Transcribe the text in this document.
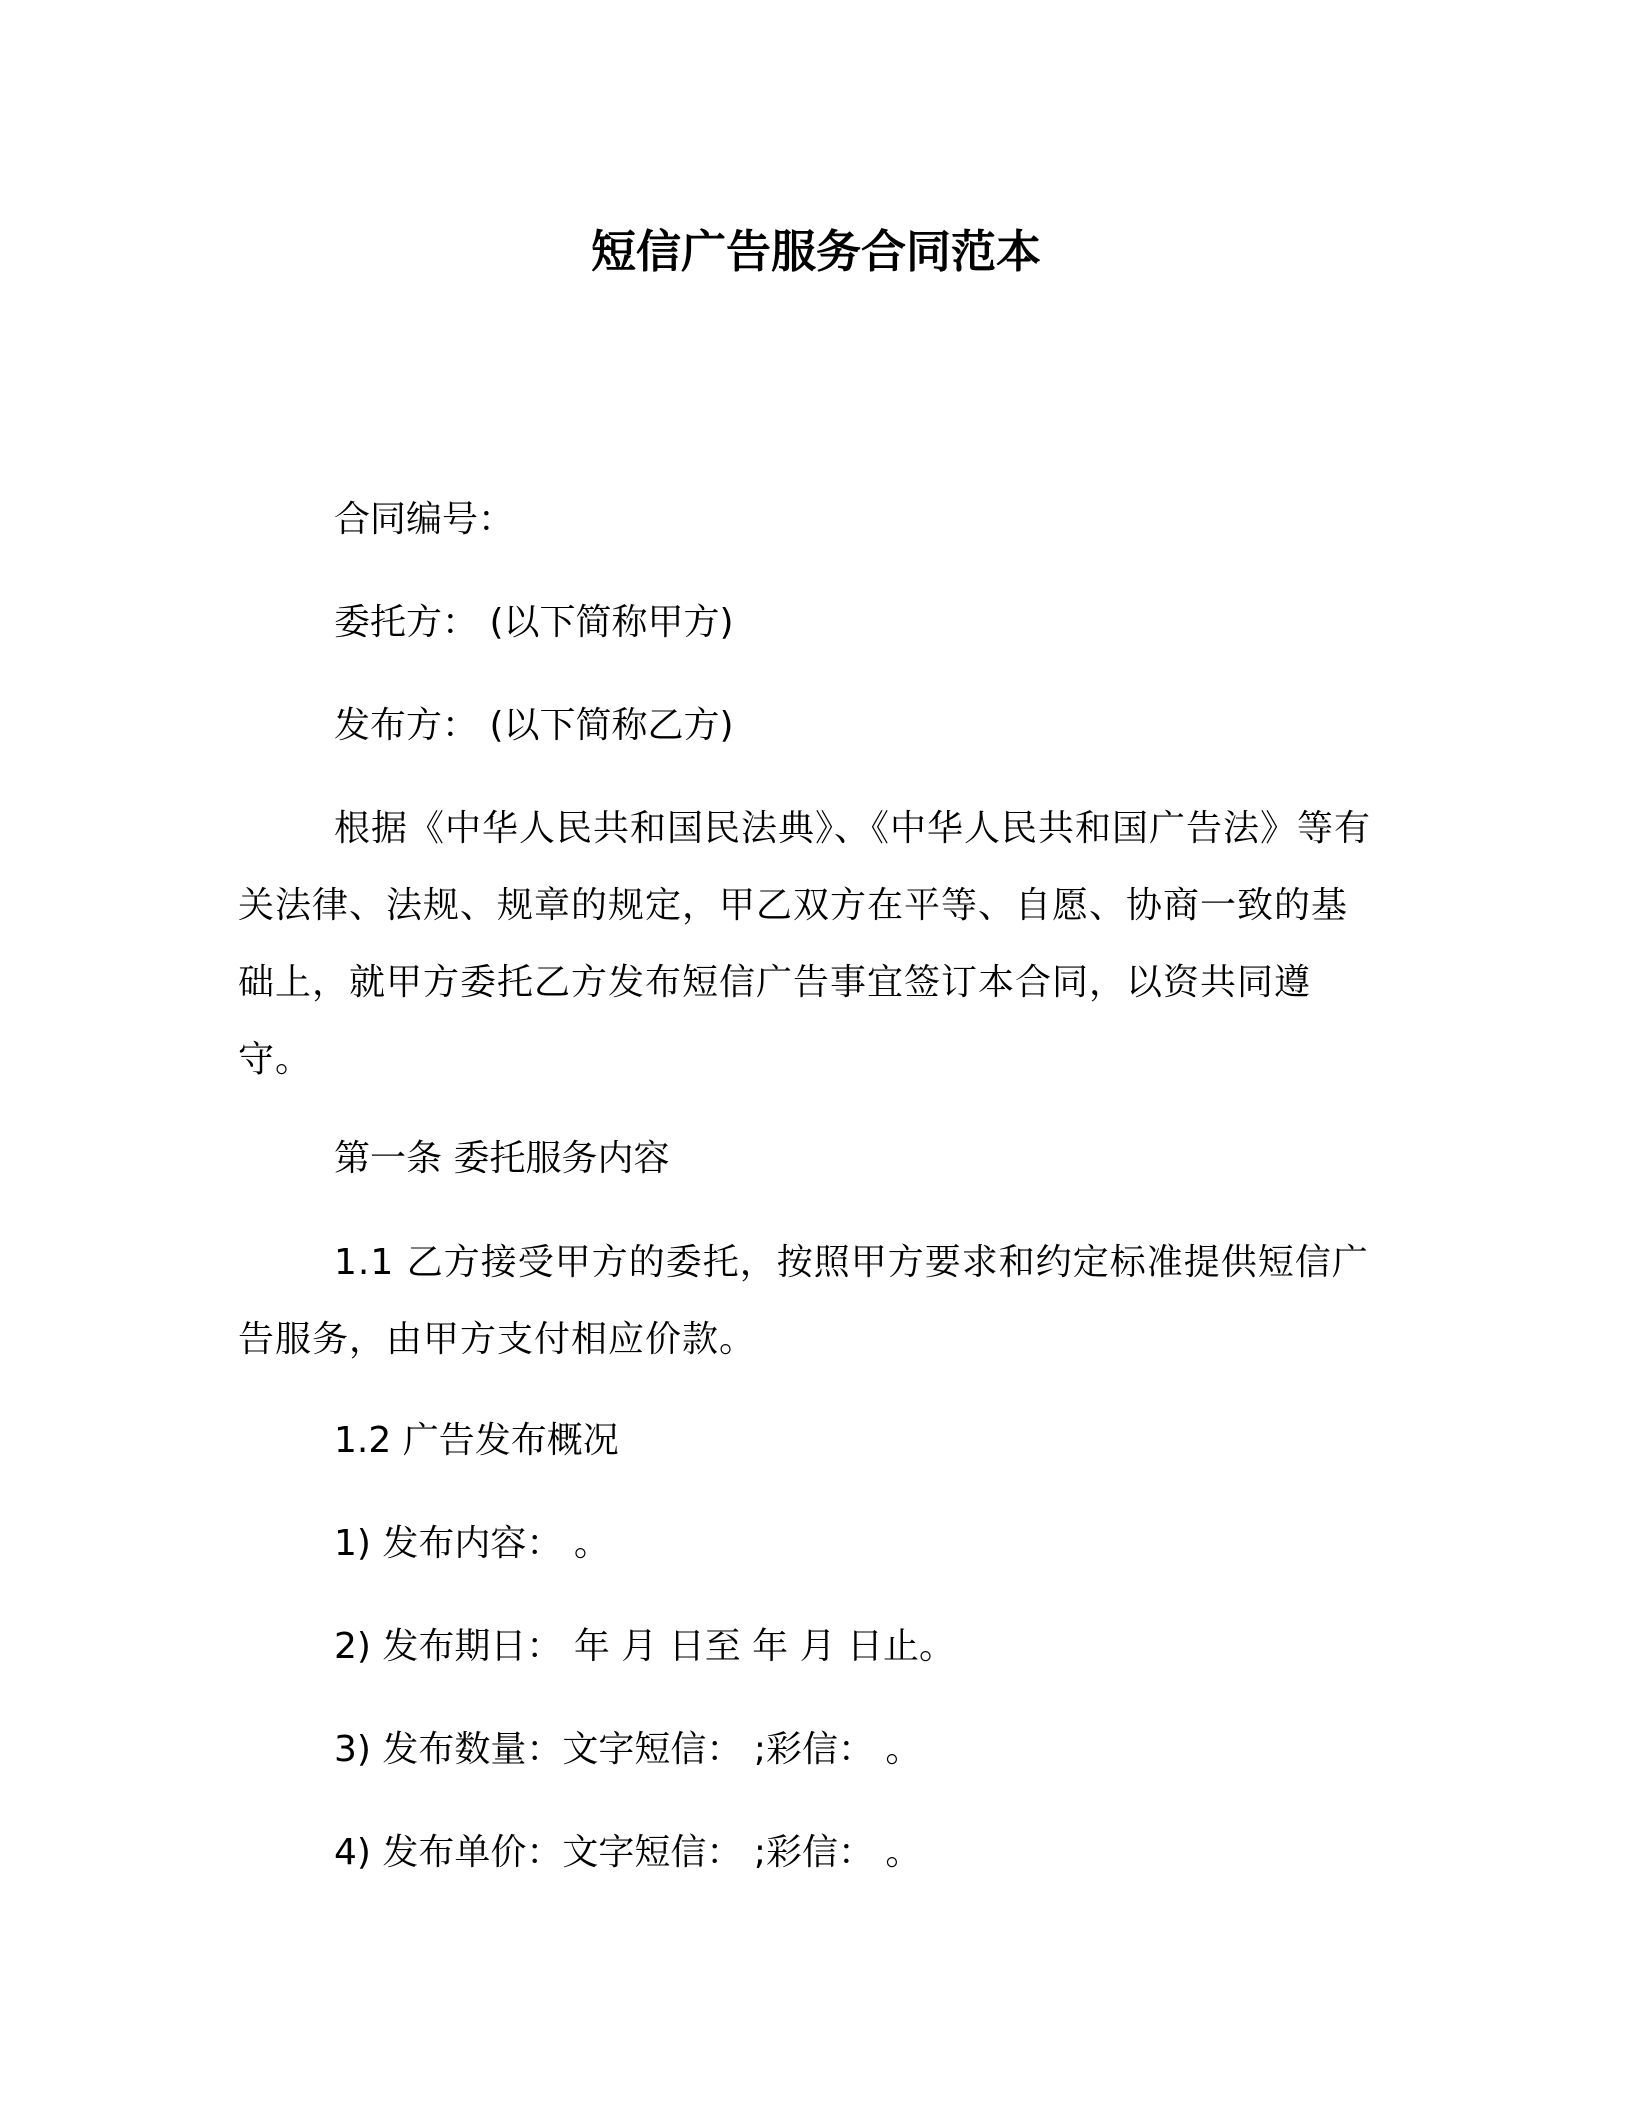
短信广告服务合同范本
合同编号：
委托方： (以下简称甲方)
发布方： (以下简称乙方)
根据《中华人民共和国民法典》、《中华人民共和国广告法》等有关法律、法规、规章的规定，甲乙双方在平等、自愿、协商一致的基础上，就甲方委托乙方发布短信广告事宜签订本合同，以资共同遵守。
第一条 委托服务内容
1.1 乙方接受甲方的委托，按照甲方要求和约定标准提供短信广告服务，由甲方支付相应价款。
1.2 广告发布概况
1) 发布内容： 。
2) 发布期日： 年 月 日至 年 月 日止。
3) 发布数量：文字短信： ;彩信： 。
4) 发布单价：文字短信： ;彩信： 。
